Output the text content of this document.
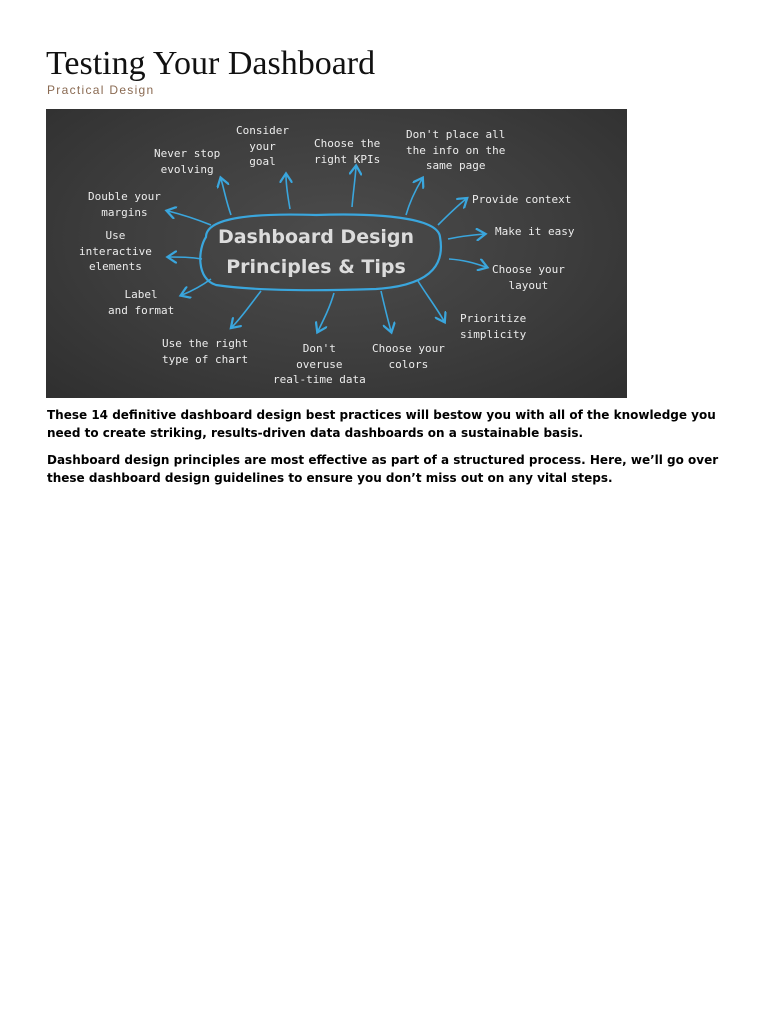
Testing Your Dashboard
Practical Design
Dashboard Design
Principles & Tips
Never stop
evolving
Consider
your
goal
Choose the
right KPIs
Don't place all
the info on the
same page
Provide context
Make it easy
Choose your
layout
Prioritize
simplicity
Choose your
colors
Don't
overuse
real-time data
Use the right
type of chart
Label
and format
Use
interactive
elements
Double your
margins

These 14 definitive dashboard design best practices will bestow you with all of the knowledge you need to create striking, results-driven data dashboards on a sustainable basis.

Dashboard design principles are most effective as part of a structured process. Here, we’ll go over these dashboard design guidelines to ensure you don’t miss out on any vital steps.
